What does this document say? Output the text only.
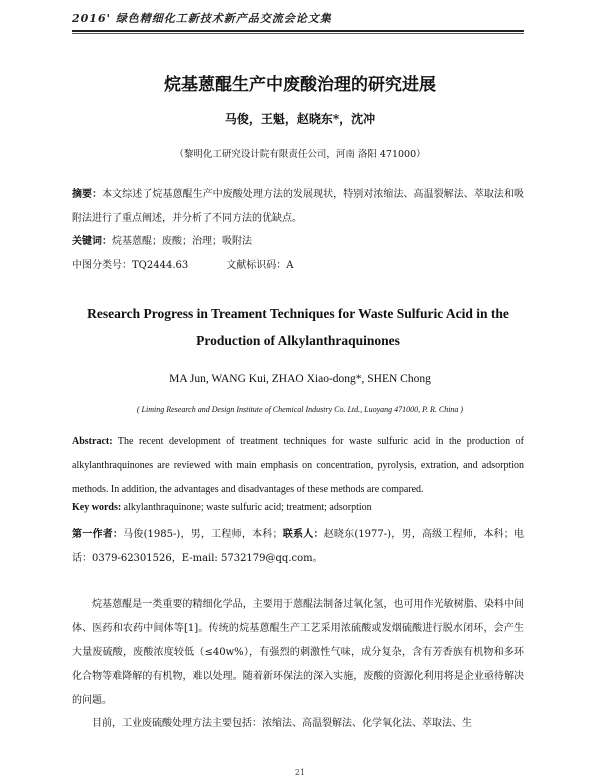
2016' 绿色精细化工新技术新产品交流会论文集
烷基蒽醌生产中废酸治理的研究进展
马俊，王魁，赵晓东*，沈冲
（黎明化工研究设计院有限责任公司，河南 洛阳 471000）
摘要：本文综述了烷基蒽醌生产中废酸处理方法的发展现状，特别对浓缩法、高温裂解法、萃取法和吸附法进行了重点阐述，并分析了不同方法的优缺点。
关键词：烷基蒽醌；废酸；治理；吸附法
中图分类号：TQ2444.63	文献标识码：A
Research Progress in Treament Techniques for Waste Sulfuric Acid in the Production of Alkylanthraquinones
MA Jun, WANG Kui, ZHAO Xiao-dong*, SHEN Chong
( Liming Research and Design Institute of Chemical Industry Co. Ltd., Luoyang 471000, P. R. China )
Abstract: The recent development of treatment techniques for waste sulfuric acid in the production of alkylanthraquinones are reviewed with main emphasis on concentration, pyrolysis, extration, and adsorption methods. In addition, the advantages and disadvantages of these methods are compared.
Key words: alkylanthraquinone; waste sulfuric acid; treatment; adsorption
第一作者：马俊(1985-)，男，工程师，本科；联系人：赵晓东(1977-)，男，高级工程师，本科；电话：0379-62301526，E-mail: 5732179@qq.com。
烷基蒽醌是一类重要的精细化学品，主要用于蒽醌法制备过氧化氢，也可用作光敏树脂、染料中间体、医药和农药中间体等[1]。传统的烷基蒽醌生产工艺采用浓硫酸或发烟硫酸进行脱水闭环，会产生大量废硫酸，废酸浓度较低（≤40w%），有强烈的刺激性气味，成分复杂，含有芳香族有机物和多环化合物等难降解的有机物，难以处理。随着新环保法的深入实施，废酸的资源化利用将是企业亟待解决的问题。
目前，工业废硫酸处理方法主要包括：浓缩法、高温裂解法、化学氧化法、萃取法、生
21
